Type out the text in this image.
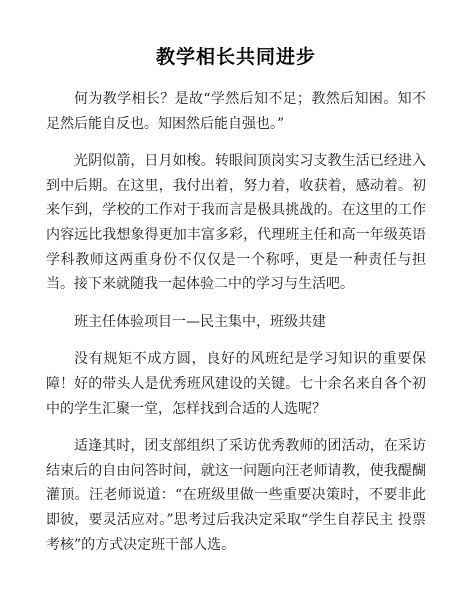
教学相长共同进步

何为教学相长？是故“学然后知不足；教然后知困。知不足然后能自反也。知困然后能自强也。”

光阴似箭，日月如梭。转眼间顶岗实习支教生活已经进入到中后期。在这里，我付出着，努力着，收获着，感动着。初来乍到，学校的工作对于我而言是极具挑战的。在这里的工作内容远比我想象得更加丰富多彩，代理班主任和高一年级英语学科教师这两重身份不仅仅是一个称呼，更是一种责任与担 当。接下来就随我一起体验二中的学习与生活吧。

班主任体验项目一—民主集中，班级共建

没有规矩不成方圆，良好的风班纪是学习知识的重要保 障！好的带头人是优秀班风建设的关键。七十余名来自各个初 中的学生汇聚一堂，怎样找到合适的人选呢？

适逢其时，团支部组织了采访优秀教师的团活动，在采访结束后的自由问答时间，就这一问题向汪老师请教，使我醍醐灌顶。汪老师说道：“在班级里做一些重要决策时，不要非此即彼，要灵活应对。”思考过后我决定采取“学生自荐民主 投票考核”的方式决定班干部人选。
